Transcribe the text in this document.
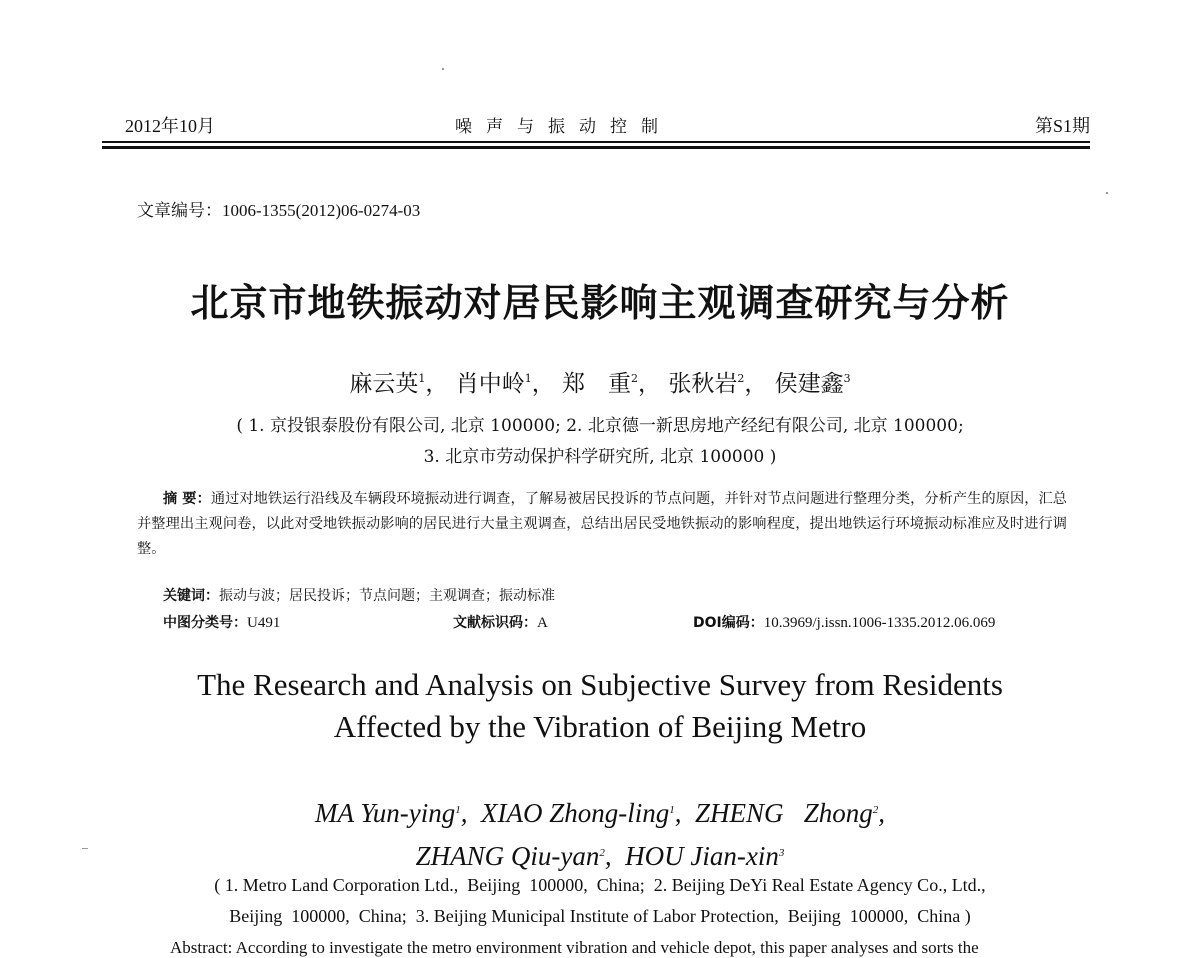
2012年10月	噪声与振动控制	第S1期
文章编号：1006-1355(2012)06-0274-03
北京市地铁振动对居民影响主观调查研究与分析
麻云英$^1$， 肖中岭$^1$， 郑　重$^2$， 张秋岩$^2$， 侯建鑫$^3$
( 1. 京投银泰股份有限公司, 北京 100000; 2. 北京德一新思房地产经纪有限公司, 北京 100000;
3. 北京市劳动保护科学研究所, 北京 100000 )
摘 要：通过对地铁运行沿线及车辆段环境振动进行调查，了解易被居民投诉的节点问题，并针对节点问题进行整理分类，分析产生的原因，汇总并整理出主观问卷，以此对受地铁振动影响的居民进行大量主观调查，总结出居民受地铁振动的影响程度，提出地铁运行环境振动标准应及时进行调整。
关键词：振动与波；居民投诉；节点问题；主观调查；振动标准
中图分类号：U491	文献标识码：A	DOI编码：10.3969/j.issn.1006-1335.2012.06.069
The Research and Analysis on Subjective Survey from Residents
Affected by the Vibration of Beijing Metro
MA Yun-ying$^1$,  XIAO Zhong-ling$^1$,  ZHENG   Zhong$^2$,
ZHANG Qiu-yan$^2$,  HOU Jian-xin$^3$
( 1. Metro Land Corporation Ltd.,  Beijing  100000,  China;  2. Beijing DeYi Real Estate Agency Co., Ltd.,
Beijing  100000,  China;  3. Beijing Municipal Institute of Labor Protection,  Beijing  100000,  China )
Abstract: According to investigate the metro environment vibration and vehicle depot, this paper analyses and sorts the
